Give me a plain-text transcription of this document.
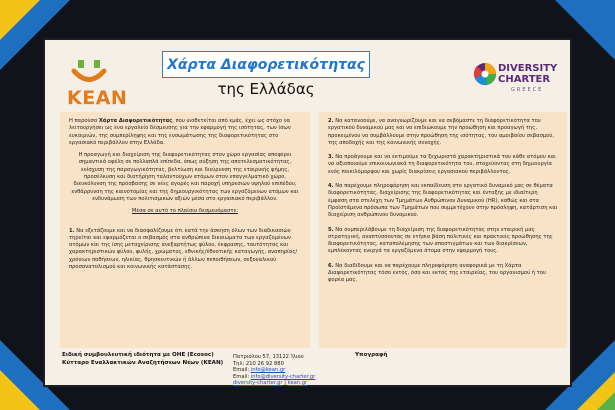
ΚΕΑΝ
Χάρτα Διαφορετικότητας
της Ελλάδας
DIVERSITY
CHARTER
GREECE

Η παρούσα Χάρτα Διαφορετικότητας, που υιοθετείται από εμάς, έχει ως στόχο να λειτουργήσει ως ένα εργαλείο δέσμευσης για την εφαρμογή της ισότητας, των ίσων ευκαιριών, της συμπερίληψης και της ενσωμάτωσης της διαφορετικότητας στο εργασιακό περιβάλλον στην Ελλάδα.

Η προαγωγή και διαχείριση της διαφορετικότητας στον χώρο εργασίας αποφέρει σημαντικά οφέλη σε πολλαπλά επίπεδα, όπως αύξηση της αποτελεσματικότητας, ενίσχυση της παραγωγικότητας, βελτίωση και διεύρυνση της εταιρικής φήμης, προσέλκυση και διατήρηση ταλαντούχων ατόμων στον επαγγελματικό χώρο, διευκόλυνση της πρόσβασης σε νέες αγορές και παροχή υπηρεσιών υψηλού επιπέδου, ενθάρρυνση της καινοτομίας και της δημιουργικότητας των εργαζόμενων ατόμων και ενδυνάμωση των πολιτισμικών αξιών μέσα στο εργασιακό περιβάλλον.

Μέσα σε αυτό το πλαίσιο δεσμευόμαστε:

1. Να εξετάζουμε και να διασφαλίζουμε ότι κατά την άσκηση όλων των διαδικασιών τηρείται και εφαρμόζεται ο σεβασμός στα ανθρώπινα δικαιώματα των εργαζομένων ατόμων και της ίσης μεταχείρισης ανεξαρτήτως φύλου, έκφρασης, ταυτότητας και χαρακτηριστικών φύλου, φυλής, χρώματος, εθνικής/έθνοτικής καταγωγής, αναπηρίας/χρόνιων παθήσεων, ηλικίας, θρησκευτικών ή άλλων πεποιθήσεων, σεξουαλικού προσανατολισμού και κοινωνικής κατάστασης.

2. Να κατανοούμε, να αναγνωρίζουμε και να σεβόμαστε τη διαφορετικότητα του εργατικού δυναμικού μας και να επιδιώκουμε την προώθηση και προαγωγή της, προκειμένου να συμβάλλουμε στην προώθηση της ισότητας, του αμοιβαίου σεβασμού, της αποδοχής και της κοινωνικής συνοχής.

3. Να προάγουμε και να εκτιμούμε τα ξεχωριστά χαρακτηριστικά του κάθε ατόμου και να αξιοποιούμε επικοινωνιακά τη διαφορετικότητα του, στοχεύοντας στη δημιουργία ενός ποικιλόμορφου και χωρίς διακρίσεις εργασιακού περιβάλλοντος.

4. Να παρέχουμε πληροφόρηση και εκπαίδευση στο εργατικό δυναμικό μας σε θέματα διαφορετικότητας, διαχείρισης της διαφορετικότητας και ένταξης με ιδιαίτερη έμφαση στα στελέχη των Τμημάτων Ανθρώπινου Δυναμικού (HR), καθώς και στα Προϊστάμενα πρόσωπα των Τμημάτων που συμμετέχουν στην πρόσληψη, κατάρτιση και διαχείριση ανθρώπινου δυναμικού.

5. Να συμπεριλάβουμε τη διαχείριση της διαφορετικότητας στην εταιρική μας στρατηγική, αναπτύσσοντας σε ετήσια βάση πολιτικές και πρακτικές προώθησης της διαφορετικότητας, καταπολέμησης των αποστιγμάτων και των διακρίσεων, εμπλέκοντας ενεργά τα εργαζόμενα άτομα στην εφαρμογή τους.

6. Να διαδίδουμε και να παρέχουμε πληροφόρηση αναφορικά με τη Χάρτα Διαφορετικότητας τόσο εντός, όσο και εκτός της εταιρείας, του οργανισμού ή του φορέα μας.

Ειδική συμβουλευτική ιδιότητα με ΟΗΕ (Ecosoc)
Κύτταρο Εναλλακτικών Αναζητήσεων Νέων (ΚΕΑΝ)
Πατριόλου 57, 13122 Ίλιον
Τηλ: 210 26 92 880
Email: info@kean.gr
Email: info@diversity-charter.gr
diversity-charter.gr | kean.gr
Υπογραφή
